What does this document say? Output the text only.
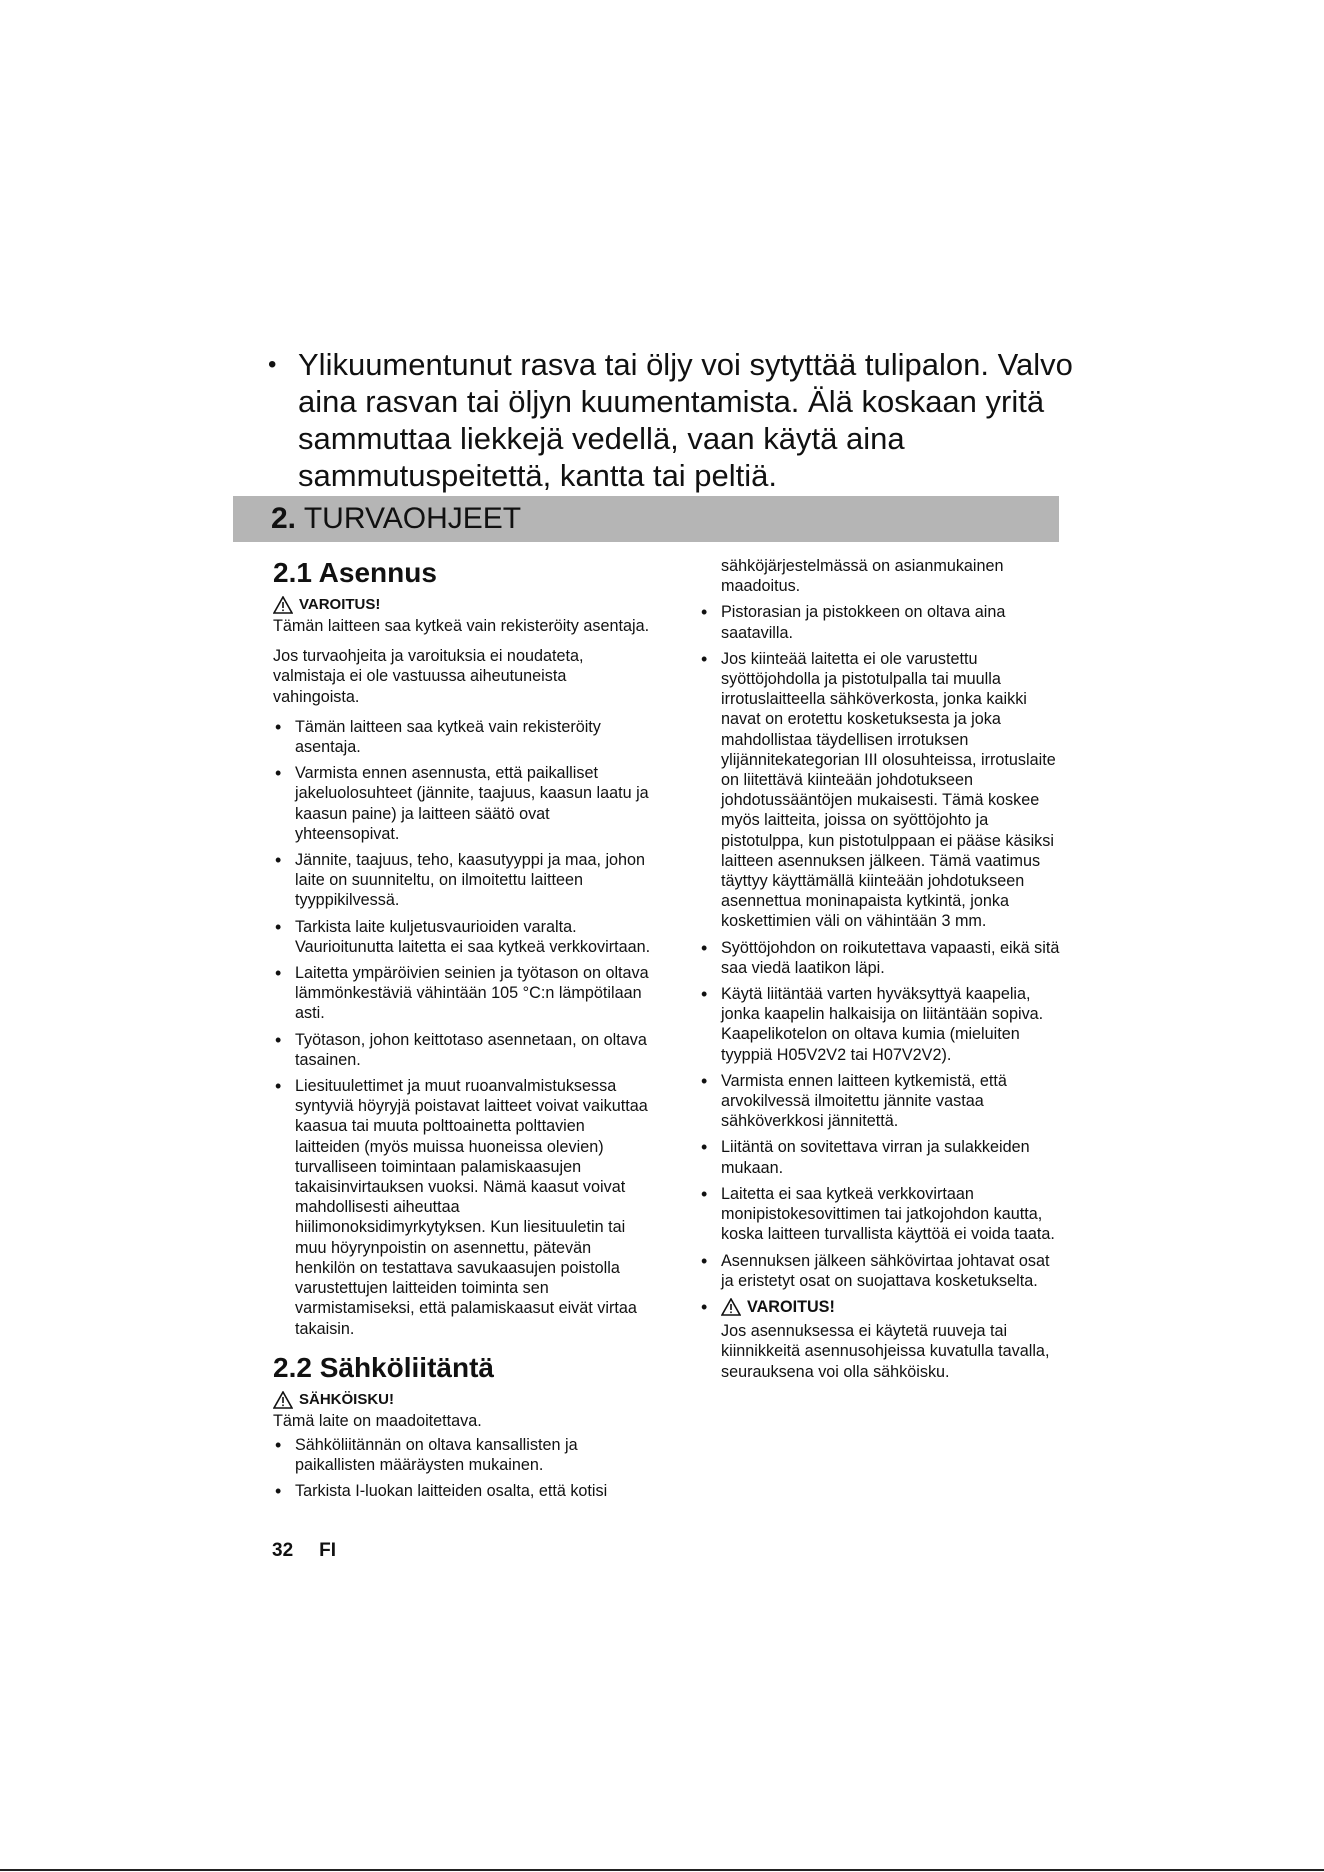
• Ylikuumentunut rasva tai öljy voi sytyttää tulipalon. Valvo aina rasvan tai öljyn kuumentamista. Älä koskaan yritä sammuttaa liekkejä vedellä, vaan käytä aina sammutuspeitettä, kantta tai peltiä.
2. TURVAOHJEET
2.1 Asennus
VAROITUS!

Tämän laitteen saa kytkeä vain rekisteröity asentaja.

Jos turvaohjeita ja varoituksia ei noudateta, valmistaja ei ole vastuussa aiheutuneista vahingoista.

• Tämän laitteen saa kytkeä vain rekisteröity asentaja.
• Varmista ennen asennusta, että paikalliset jakeluolosuhteet (jännite, taajuus, kaasun laatu ja kaasun paine) ja laitteen säätö ovat yhteensopivat.
• Jännite, taajuus, teho, kaasutyyppi ja maa, johon laite on suunniteltu, on ilmoitettu laitteen tyyppikilvessä.
• Tarkista laite kuljetusvaurioiden varalta. Vaurioitunutta laitetta ei saa kytkeä verkkovirtaan.
• Laitetta ympäröivien seinien ja työtason on oltava lämmönkestäviä vähintään 105 °C:n lämpötilaan asti.
• Työtason, johon keittotaso asennetaan, on oltava tasainen.
• Liesituulettimet ja muut ruoanvalmistuksessa syntyviä höyryjä poistavat laitteet voivat vaikuttaa kaasua tai muuta polttoainetta polttavien laitteiden (myös muissa huoneissa olevien) turvalliseen toimintaan palamiskaasujen takaisinvirtauksen vuoksi. Nämä kaasut voivat mahdollisesti aiheuttaa hiilimonoksidimyrkytyksen. Kun liesituuletin tai muu höyrynpoistin on asennettu, pätevän henkilön on testattava savukaasujen poistolla varustettujen laitteiden toiminta sen varmistamiseksi, että palamiskaasut eivät virtaa takaisin.
2.2 Sähköliitäntä
SÄHKÖISKU!

Tämä laite on maadoitettava.

• Sähköliitännän on oltava kansallisten ja paikallisten määräysten mukainen.
• Tarkista I-luokan laitteiden osalta, että kotisi
sähköjärjestelmässä on asianmukainen maadoitus.
• Pistorasian ja pistokkeen on oltava aina saatavilla.
• Jos kiinteää laitetta ei ole varustettu syöttöjohdolla ja pistotulpalla tai muulla irrotuslaitteella sähköverkosta, jonka kaikki navat on erotettu kosketuksesta ja joka mahdollistaa täydellisen irrotuksen ylijännitekategorian III olosuhteissa, irrotuslaite on liitettävä kiinteään johdotukseen johdotussääntöjen mukaisesti. Tämä koskee myös laitteita, joissa on syöttöjohto ja pistotulppa, kun pistotulppaan ei pääse käsiksi laitteen asennuksen jälkeen. Tämä vaatimus täyttyy käyttämällä kiinteään johdotukseen asennettua moninapaista kytkintä, jonka koskettimien väli on vähintään 3 mm.
• Syöttöjohdon on roikutettava vapaasti, eikä sitä saa viedä laatikon läpi.
• Käytä liitäntää varten hyväksyttyä kaapelia, jonka kaapelin halkaisija on liitäntään sopiva. Kaapelikotelon on oltava kumia (mieluiten tyyppiä H05V2V2 tai H07V2V2).
• Varmista ennen laitteen kytkemistä, että arvokilvessä ilmoitettu jännite vastaa sähköverkkosi jännitettä.
• Liitäntä on sovitettava virran ja sulakkeiden mukaan.
• Laitetta ei saa kytkeä verkkovirtaan monipistokesovittimen tai jatkojohdon kautta, koska laitteen turvallista käyttöä ei voida taata.
• Asennuksen jälkeen sähkövirtaa johtavat osat ja eristetyt osat on suojattava kosketukselta.
• VAROITUS!
Jos asennuksessa ei käytetä ruuveja tai kiinnikkeitä asennusohjeissa kuvatulla tavalla, seurauksena voi olla sähköisku.
32 FI
